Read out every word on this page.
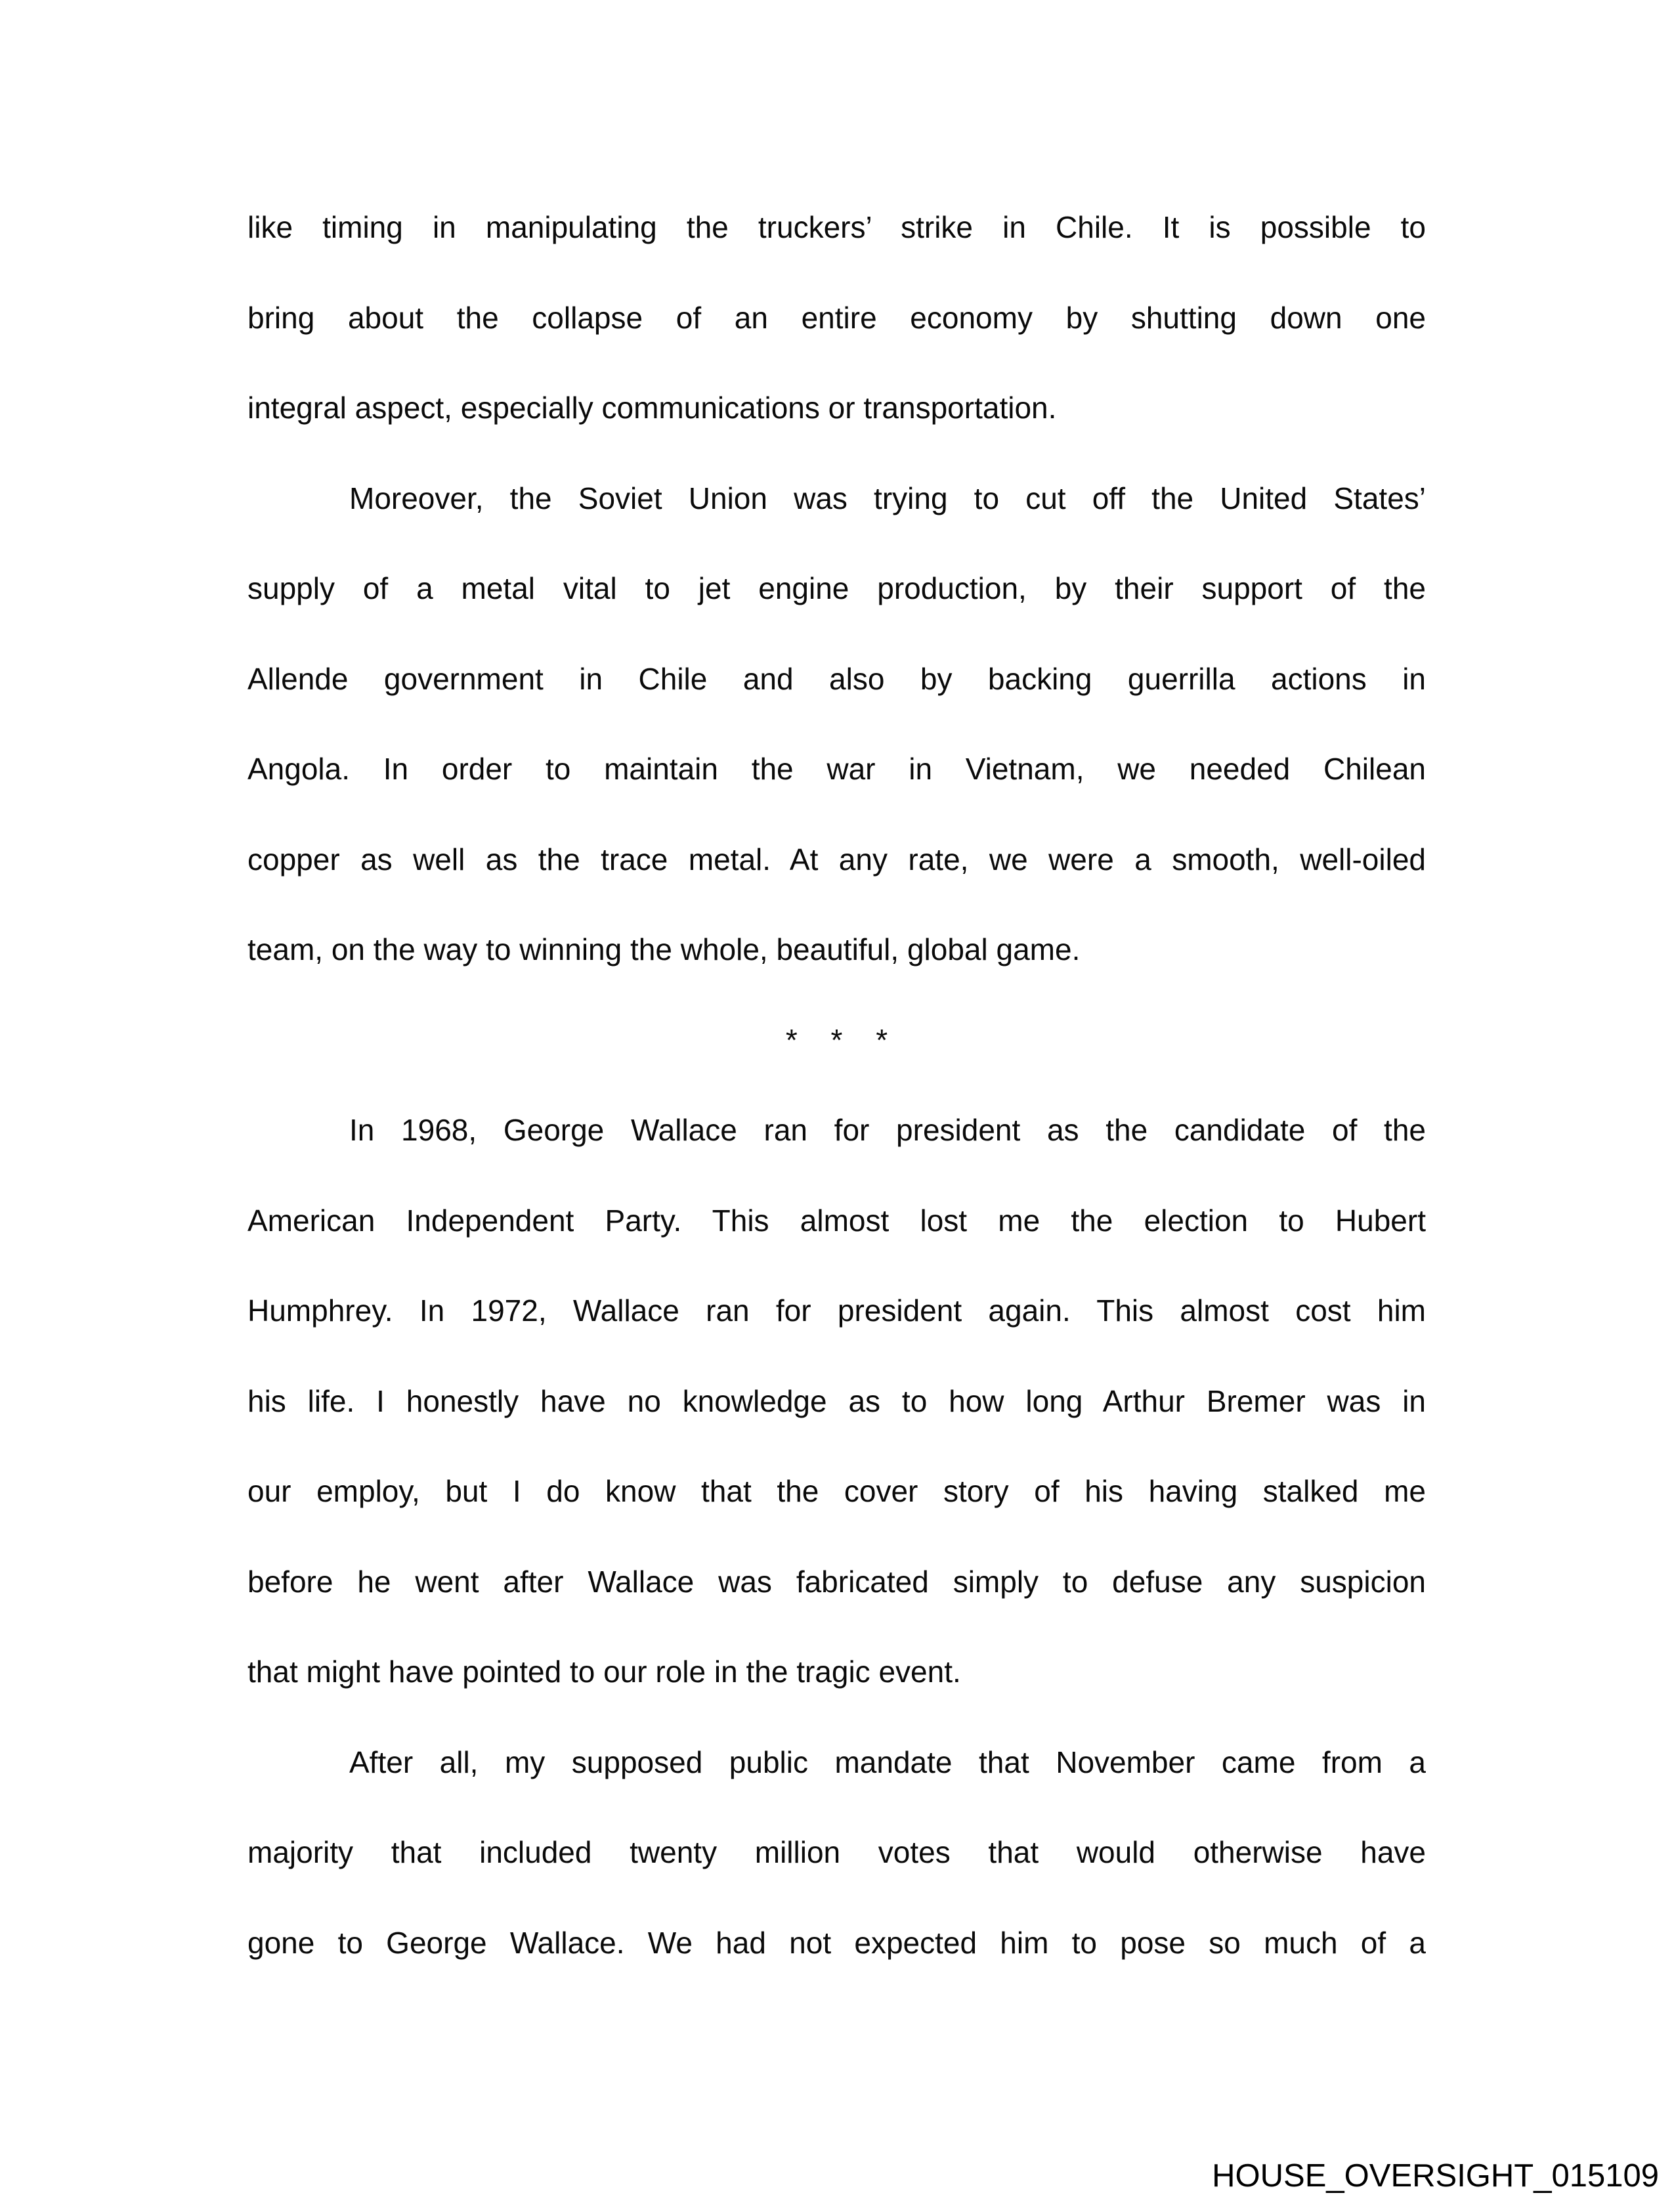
like timing in manipulating the truckers’ strike in Chile. It is possible to
bring about the collapse of an entire economy by shutting down one
integral aspect, especially communications or transportation.
Moreover, the Soviet Union was trying to cut off the United States’
supply of a metal vital to jet engine production, by their support of the
Allende government in Chile and also by backing guerrilla actions in
Angola. In order to maintain the war in Vietnam, we needed Chilean
copper as well as the trace metal. At any rate, we were a smooth, well-oiled
team, on the way to winning the whole, beautiful, global game.
* * *
In 1968, George Wallace ran for president as the candidate of the
American Independent Party. This almost lost me the election to Hubert
Humphrey. In 1972, Wallace ran for president again. This almost cost him
his life. I honestly have no knowledge as to how long Arthur Bremer was in
our employ, but I do know that the cover story of his having stalked me
before he went after Wallace was fabricated simply to defuse any suspicion
that might have pointed to our role in the tragic event.
After all, my supposed public mandate that November came from a
majority that included twenty million votes that would otherwise have
gone to George Wallace. We had not expected him to pose so much of a
HOUSE_OVERSIGHT_015109
